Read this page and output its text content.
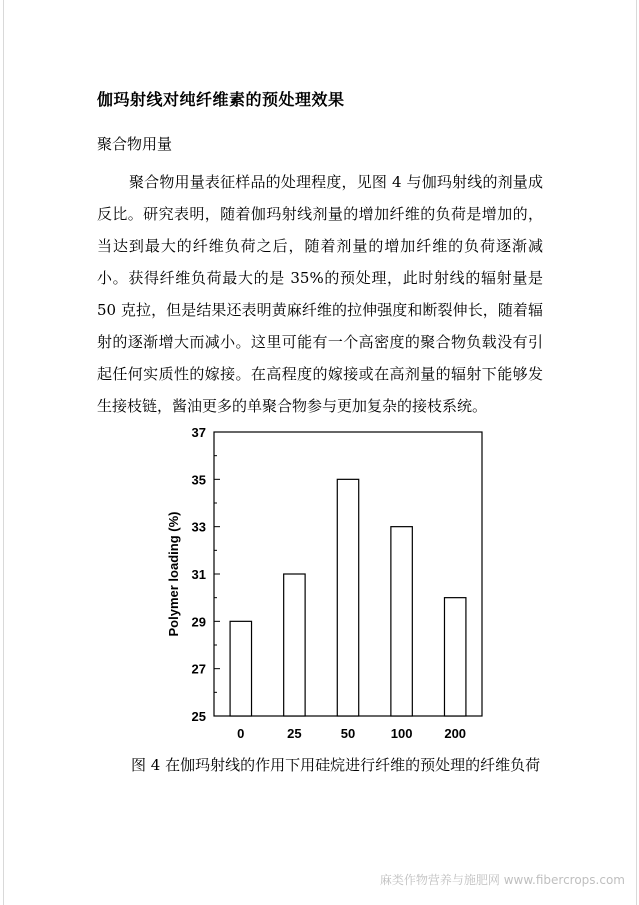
伽玛射线对纯纤维素的预处理效果
聚合物用量

聚合物用量表征样品的处理程度，见图 4 与伽玛射线的剂量成反比。研究表明，随着伽玛射线剂量的增加纤维的负荷是增加的，当达到最大的纤维负荷之后，随着剂量的增加纤维的负荷逐渐减小。获得纤维负荷最大的是 35%的预处理，此时射线的辐射量是 50 克拉，但是结果还表明黄麻纤维的拉伸强度和断裂伸长，随着辐射的逐渐增大而减小。这里可能有一个高密度的聚合物负载没有引起任何实质性的嫁接。在高程度的嫁接或在高剂量的辐射下能够发生接枝链，酱油更多的单聚合物参与更加复杂的接枝系统。

25
27
29
31
33
35
37
0	25	50	100 200
Polymer loading (%)
图 4 在伽玛射线的作用下用硅烷进行纤维的预处理的纤维负荷
麻类作物营养与施肥网 www.fibercrops.com
